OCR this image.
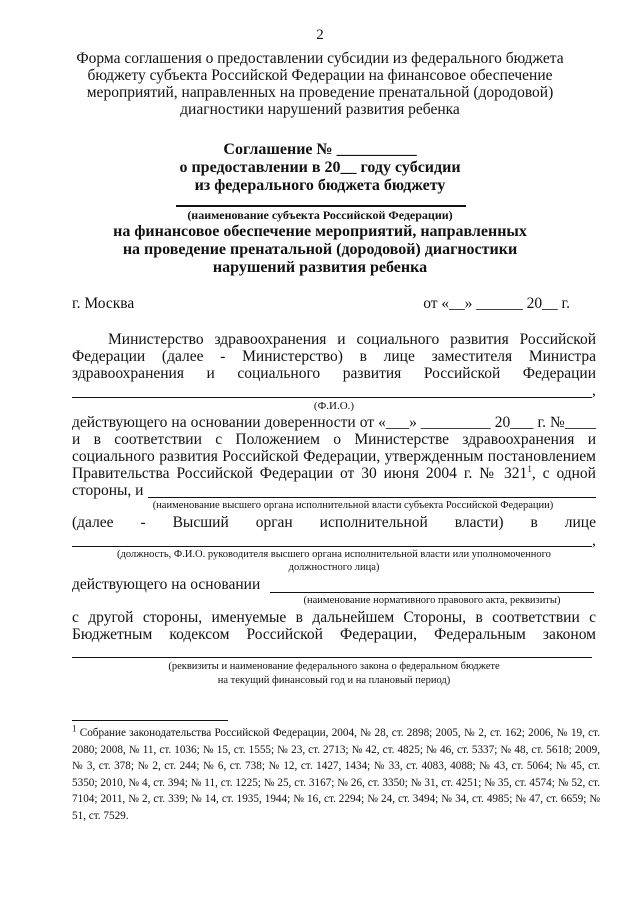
2
Форма соглашения о предоставлении субсидии из федерального бюджета
бюджету субъекта Российской Федерации на финансовое обеспечение
мероприятий, направленных на проведение пренатальной (дородовой)
диагностики нарушений развития ребенка
Соглашение № __________
о предоставлении в 20__ году субсидии
из федерального бюджета бюджету
(наименование субъекта Российской Федерации)
на финансовое обеспечение мероприятий, направленных
на проведение пренатальной (дородовой) диагностики
нарушений развития ребенка
г. Москва	от «__» ______ 20__ г.
Министерство здравоохранения и социального развития Российской
Федерации (далее - Министерство) в лице заместителя Министра
здравоохранения и социального развития Российской Федерации
,
(Ф.И.О.)
действующего на основании доверенности от «___» _________ 20___ г. №____
и в соответствии с Положением о Министерстве здравоохранения и
социального развития Российской Федерации, утвержденным постановлением
Правительства Российской Федерации от 30 июня 2004 г. № $321^1$, с одной
стороны, и
(наименование высшего органа исполнительной власти субъекта Российской Федерации)
(далее - Высший орган исполнительной власти) в лице
,
(должность, Ф.И.О. руководителя высшего органа исполнительной власти или уполномоченного
должностного лица)
действующего на основании
(наименование нормативного правового акта, реквизиты)
с другой стороны, именуемые в дальнейшем Стороны, в соответствии с
Бюджетным кодексом Российской Федерации, Федеральным законом
(реквизиты и наименование федерального закона о федеральном бюджете
на текущий финансовый год и на плановый период)
$^1$ Собрание законодательства Российской Федерации, 2004, № 28, ст. 2898; 2005, № 2, ст. 162; 2006, № 19, ст. 2080; 2008, № 11, ст. 1036; № 15, ст. 1555; № 23, ст. 2713; № 42, ст. 4825; № 46, ст. 5337; № 48, ст. 5618; 2009, № 3, ст. 378; № 2, ст. 244; № 6, ст. 738; № 12, ст. 1427, 1434; № 33, ст. 4083, 4088; № 43, ст. 5064; № 45, ст. 5350; 2010, № 4, ст. 394; № 11, ст. 1225; № 25, ст. 3167; № 26, ст. 3350; № 31, ст. 4251; № 35, ст. 4574; № 52, ст. 7104; 2011, № 2, ст. 339; № 14, ст. 1935, 1944; № 16, ст. 2294; № 24, ст. 3494; № 34, ст. 4985; № 47, ст. 6659; № 51, ст. 7529.
